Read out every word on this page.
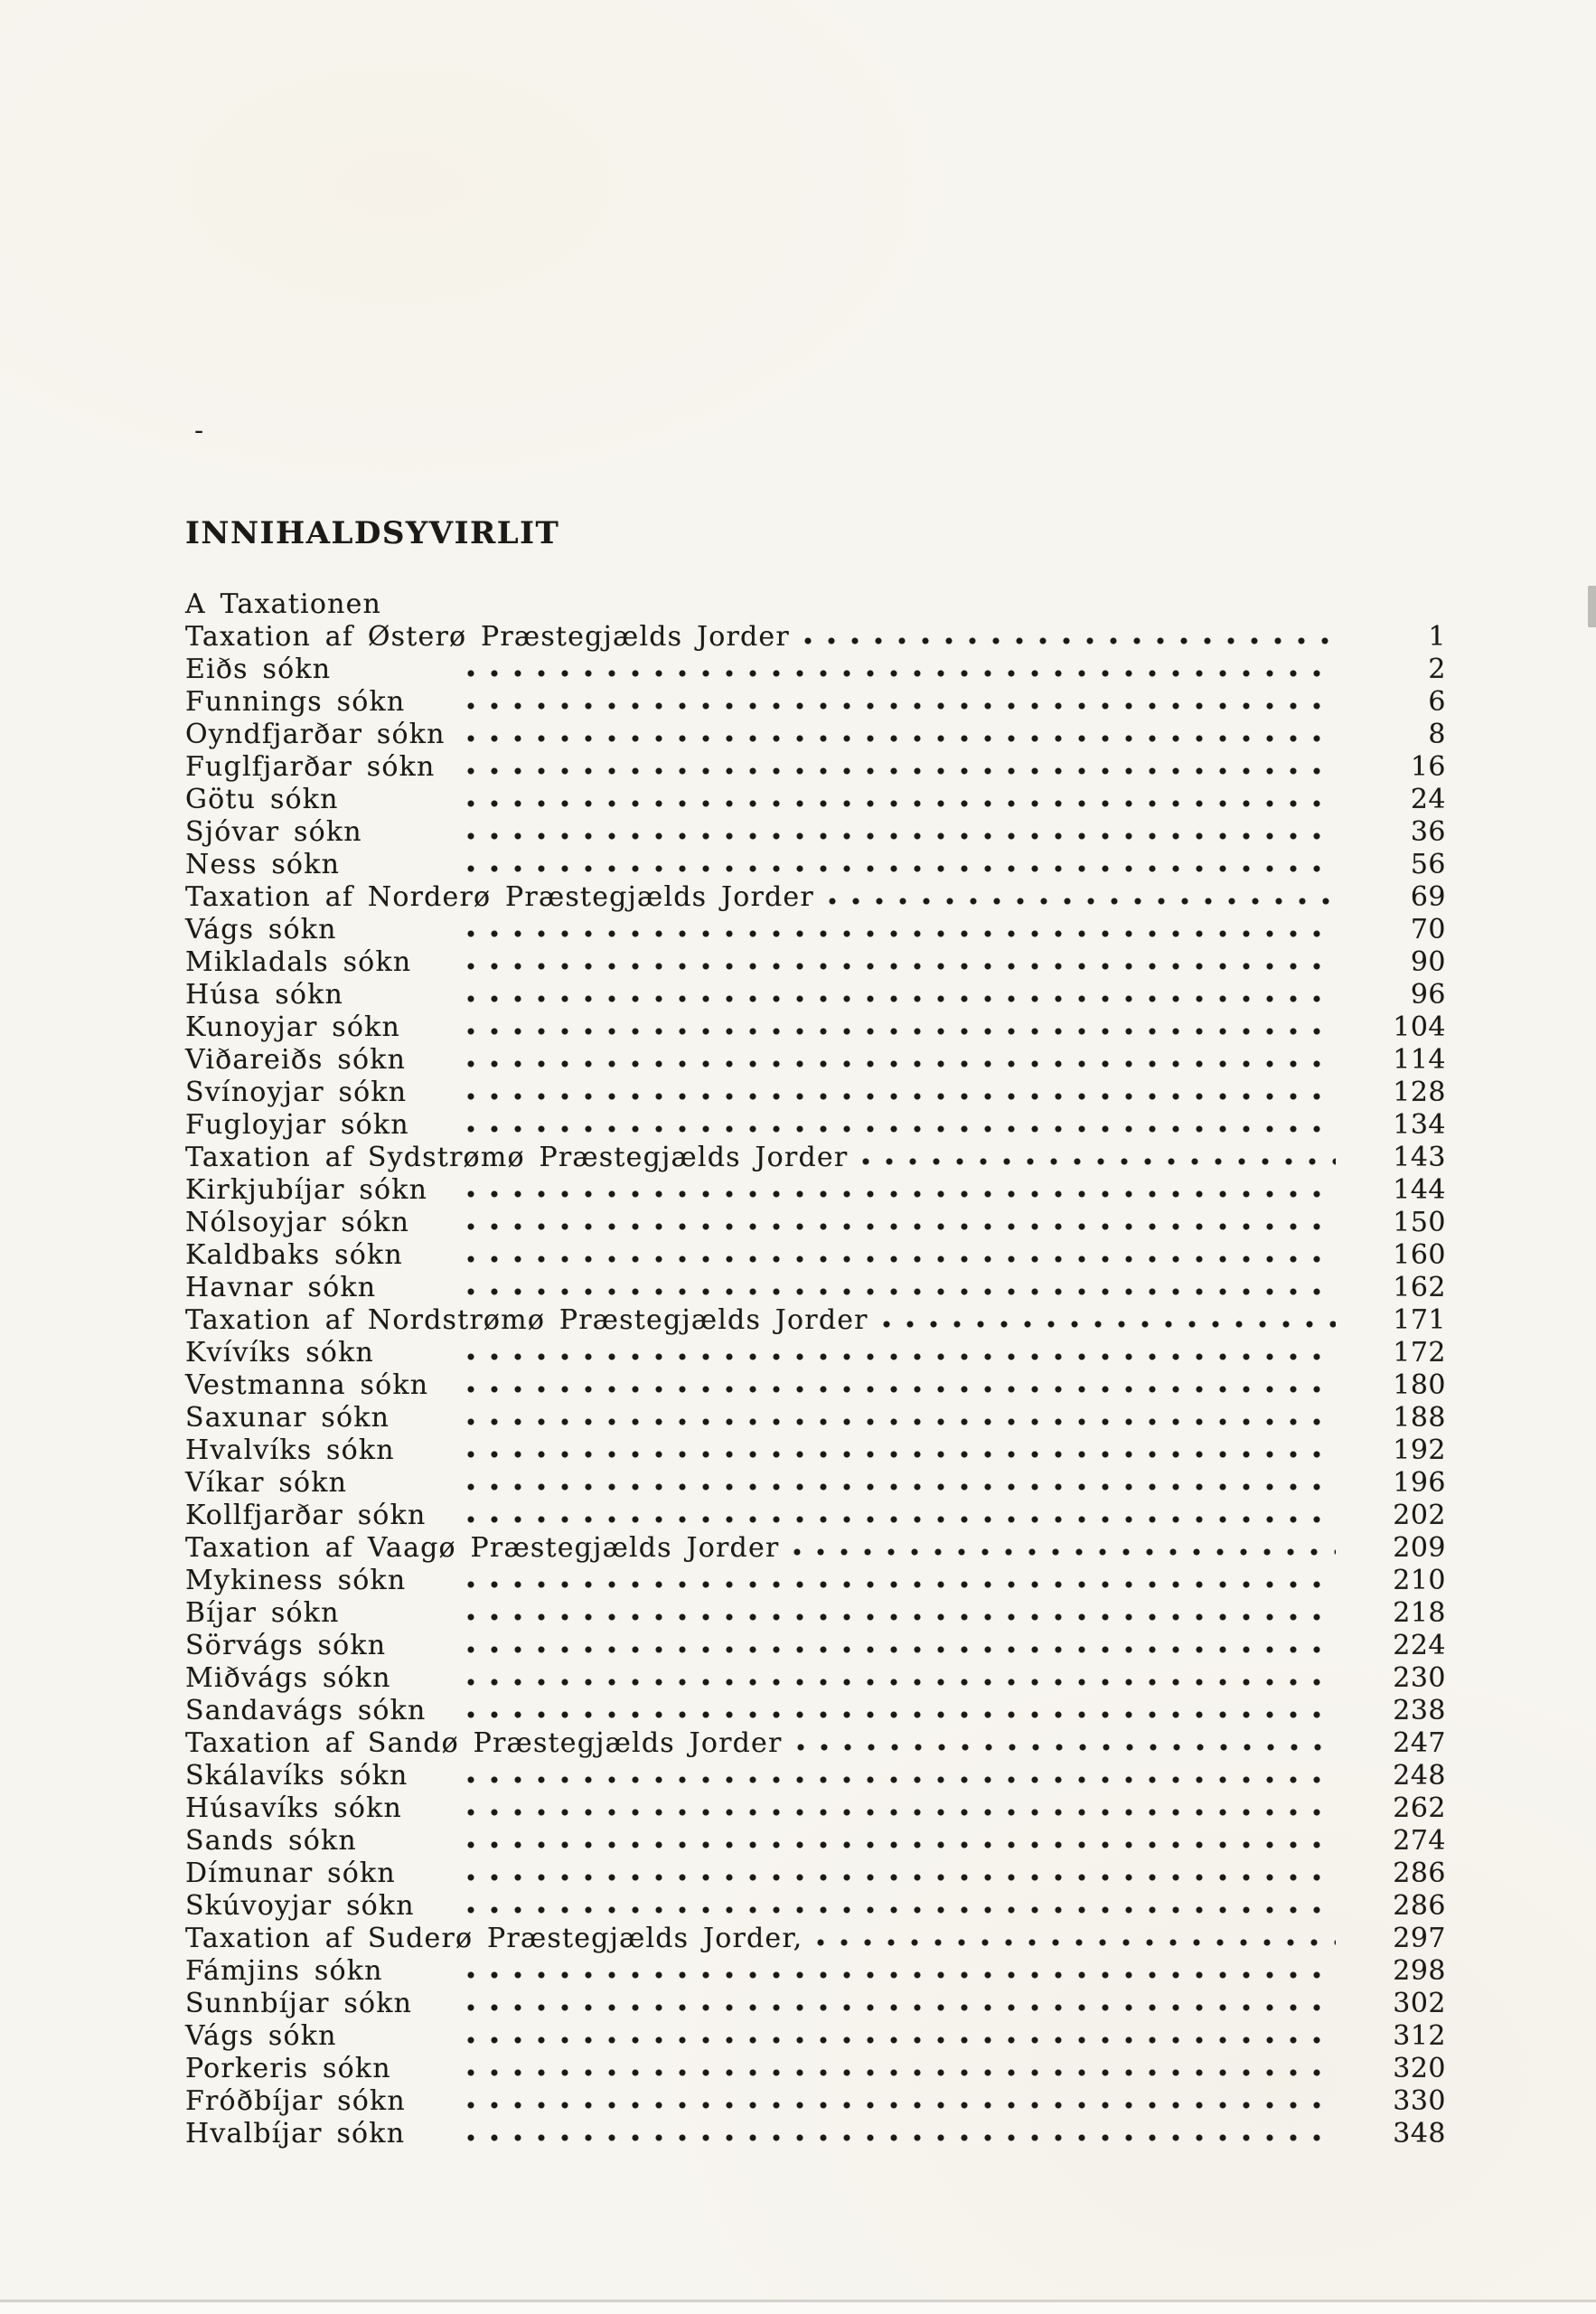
-
INNIHALDSYVIRLIT
A Taxationen
Taxation af Østerø Præstegjælds Jorder	1
Eiðs sókn	2
Funnings sókn	6
Oyndfjarðar sókn	8
Fuglfjarðar sókn	16
Götu sókn	24
Sjóvar sókn	36
Ness sókn	56
Taxation af Norderø Præstegjælds Jorder	69
Vágs sókn	70
Mikladals sókn	90
Húsa sókn	96
Kunoyjar sókn	104
Viðareiðs sókn	114
Svínoyjar sókn	128
Fugloyjar sókn	134
Taxation af Sydstrømø Præstegjælds Jorder	143
Kirkjubíjar sókn	144
Nólsoyjar sókn	150
Kaldbaks sókn	160
Havnar sókn	162
Taxation af Nordstrømø Præstegjælds Jorder	171
Kvívíks sókn	172
Vestmanna sókn	180
Saxunar sókn	188
Hvalvíks sókn	192
Víkar sókn	196
Kollfjarðar sókn	202
Taxation af Vaagø Præstegjælds Jorder	209
Mykiness sókn	210
Bíjar sókn	218
Sörvágs sókn	224
Miðvágs sókn	230
Sandavágs sókn	238
Taxation af Sandø Præstegjælds Jorder	247
Skálavíks sókn	248
Húsavíks sókn	262
Sands sókn	274
Dímunar sókn	286
Skúvoyjar sókn	286
Taxation af Suderø Præstegjælds Jorder,	297
Fámjins sókn	298
Sunnbíjar sókn	302
Vágs sókn	312
Porkeris sókn	320
Fróðbíjar sókn	330
Hvalbíjar sókn	348
